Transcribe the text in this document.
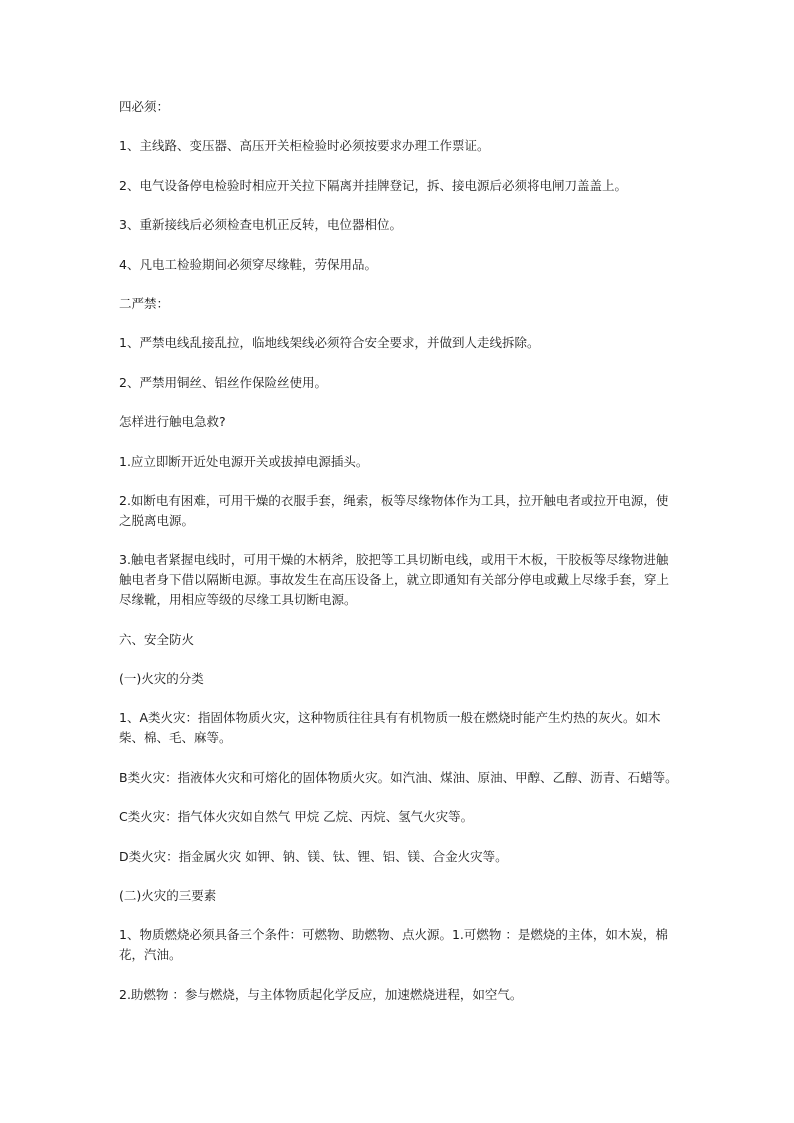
四必须：

1、主线路、变压器、高压开关柜检验时必须按要求办理工作票证。

2、电气设备停电检验时相应开关拉下隔离并挂牌登记，拆、接电源后必须将电闸刀盖盖上。

3、重新接线后必须检查电机正反转，电位器相位。

4、凡电工检验期间必须穿尽缘鞋，劳保用品。

二严禁：

1、严禁电线乱接乱拉，临地线架线必须符合安全要求，并做到人走线拆除。

2、严禁用铜丝、铝丝作保险丝使用。

怎样进行触电急救?

1.应立即断开近处电源开关或拔掉电源插头。

2.如断电有困难，可用干燥的衣服手套，绳索，板等尽缘物体作为工具，拉开触电者或拉开电源，使之脱离电源。

3.触电者紧握电线时，可用干燥的木柄斧，胶把等工具切断电线，或用干木板，干胶板等尽缘物进触触电者身下借以隔断电源。事故发生在高压设备上，就立即通知有关部分停电或戴上尽缘手套，穿上尽缘靴，用相应等级的尽缘工具切断电源。

六、安全防火

(一)火灾的分类

1、A类火灾：指固体物质火灾，这种物质往往具有有机物质一般在燃烧时能产生灼热的灰火。如木柴、棉、毛、麻等。

B类火灾：指液体火灾和可熔化的固体物质火灾。如汽油、煤油、原油、甲醇、乙醇、沥青、石蜡等。

C类火灾：指气体火灾如自然气 甲烷 乙烷、丙烷、氢气火灾等。

D类火灾：指金属火灾 如钾、钠、镁、钛、锂、铝、镁、合金火灾等。

(二)火灾的三要素

1、物质燃烧必须具备三个条件：可燃物、助燃物、点火源。1.可燃物 ：是燃烧的主体，如木炭，棉花，汽油。

2.助燃物 ：参与燃烧，与主体物质起化学反应，加速燃烧进程，如空气。
